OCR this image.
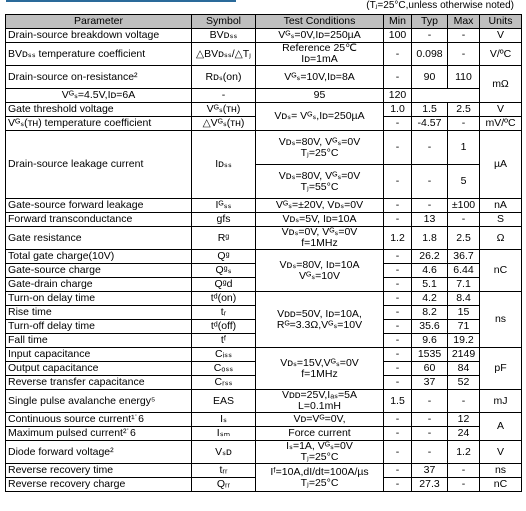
(Tⱼ=25°C,unless otherwise noted)
Parameter	Symbol	Test Conditions	Min	Typ	Max	Units
Drain-source breakdown voltage	BVᴅₛₛ	Vᴳₛ=0V,Iᴅ=250µA	100	-	-	V
BVᴅₛₛ temperature coefficient	△BVᴅₛₛ/△Tⱼ	Reference 25℃
Iᴅ=1mA	-	0.098	-	V/ºC
Drain-source on-resistance²	Rᴅₛ(on)	Vᴳₛ=10V,Iᴅ=8A	-	90	110	mΩ
Vᴳₛ=4.5V,Iᴅ=6A	-	95	120			
Gate threshold voltage	Vᴳₛ(ᴛʜ)	Vᴅₛ= Vᴳₛ,Iᴅ=250µA	1.0	1.5	2.5	V
Vᴳₛ(ᴛʜ) temperature coefficient	△Vᴳₛ(ᴛʜ)		-	-4.57	-	mV/ºC
Drain-source leakage current	Iᴅₛₛ	Vᴅₛ=80V, Vᴳₛ=0V
Tⱼ=25°C	-	-	1	µA
		Vᴅₛ=80V, Vᴳₛ=0V
Tⱼ=55°C	-	-	5	
Gate-source forward leakage	Iᴳₛₛ	Vᴳₛ=±20V, Vᴅₛ=0V	-	-	±100	nA
Forward transconductance	gfs	Vᴅₛ=5V, Iᴅ=10A	-	13	-	S
Gate resistance	Rᵍ	Vᴅₛ=0V, Vᴳₛ=0V
f=1MHz	1.2	1.8	2.5	Ω
Total gate charge(10V)	Qᵍ	Vᴅₛ=80V, Iᴅ=10A
Vᴳₛ=10V	-	26.2	36.7	nC
Gate-source charge	Qᵍₛ		-	4.6	6.44	
Gate-drain charge	Qᵍd		-	5.1	7.1	
Turn-on delay time	tᵈ(on)	Vᴅᴅ=50V, Iᴅ=10A,
Rᴳ=3.3Ω,Vᴳₛ=10V	-	4.2	8.4	ns
Rise time	tᵣ		-	8.2	15	
Turn-off delay time	tᵈ(off)		-	35.6	71	
Fall time	tᶠ		-	9.6	19.2	
Input capacitance	Cᵢₛₛ	Vᴅₛ=15V,Vᴳₛ=0V
f=1MHz	-	1535	2149	pF
Output capacitance	Cₒₛₛ		-	60	84	
Reverse transfer capacitance	Cᵣₛₛ		-	37	52	
Single pulse avalanche energy⁵	EAS	Vᴅᴅ=25V,Iₐₛ=5A
L=0.1mH	1.5	-	-	mJ
Continuous source current¹˙6	Iₛ	Vᴅ=Vᴳ=0V,	-	-	12	A
Maximum pulsed current²˙6	Iₛₘ	Force current	-	-	24	
Diode forward voltage²	Vₛᴅ	Iₛ=1A, Vᴳₛ=0V
Tⱼ=25°C	-	-	1.2	V
Reverse recovery time	tᵣᵣ	Iᶠ=10A,dI/dt=100A/µs
Tⱼ=25°C	-	37	-	ns
Reverse recovery charge	Qᵣᵣ		-	27.3	-	nC
